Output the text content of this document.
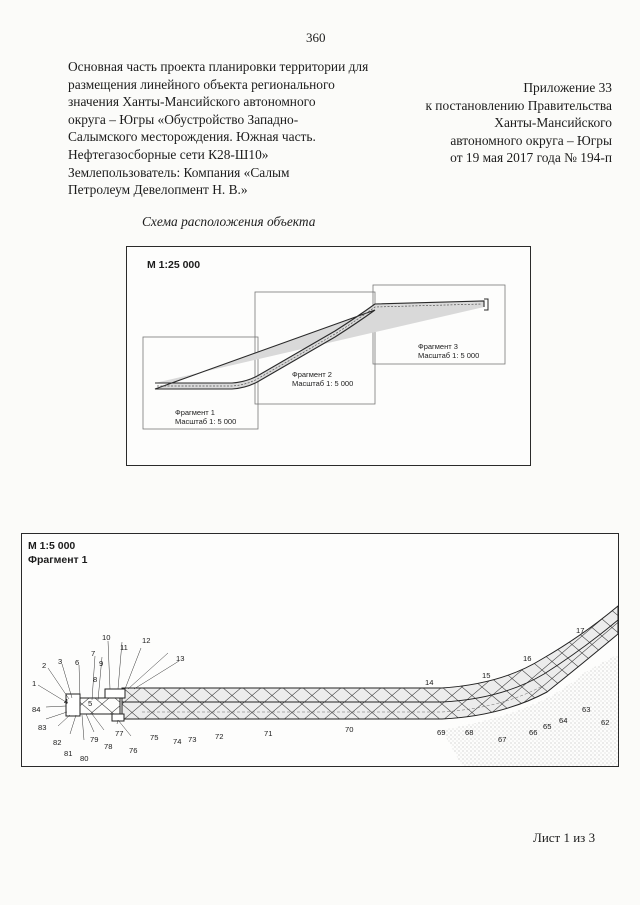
360
Основная часть проекта планировки территории для
размещения линейного объекта регионального
значения Ханты-Мансийского автономного
округа – Югры «Обустройство Западно-
Салымского месторождения. Южная часть.
Нефтегазосборные сети К28-Ш10»
Землепользователь: Компания «Салым
Петролеум Девелопмент Н. В.»
Приложение 33
к постановлению Правительства
Ханты-Мансийского
автономного округа – Югры
от 19 мая 2017 года № 194-п
Схема расположения объекта
М 1:25 000
Фрагмент 1
Масштаб 1: 5 000
Фрагмент 2
Масштаб 1: 5 000
Фрагмент 3
Масштаб 1: 5 000
М 1:5 000
Фрагмент 1
1
2 3
4	5
6
7
8
9
10
11
12
13
14
15
16
17
62
63
64
65
66
67
68
69
70
71
72
73
74
75
76
77
78
79
80
81
82
83
84
Лист 1 из 3
